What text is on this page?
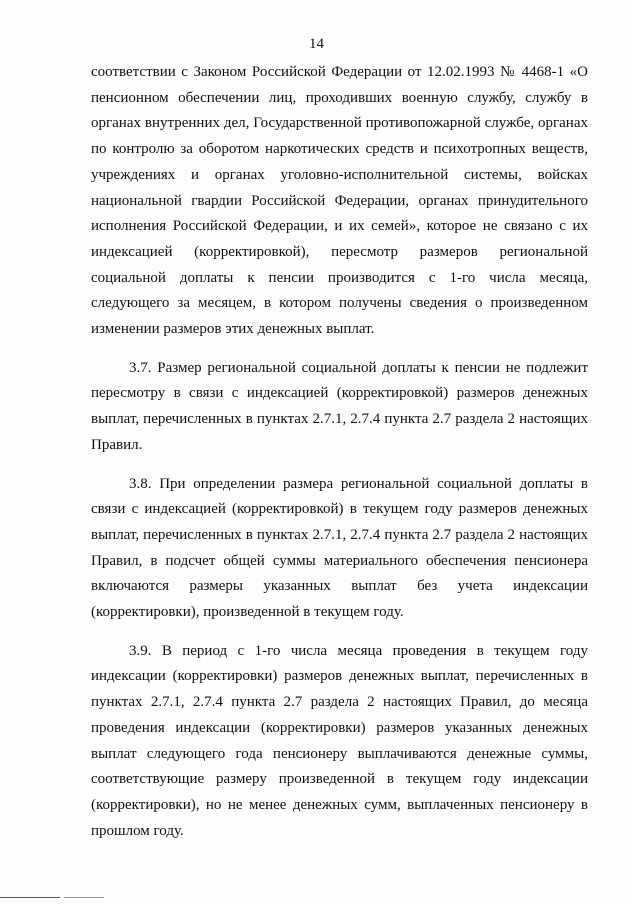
14

соответствии с Законом Российской Федерации от 12.02.1993 № 4468-1 «О пенсионном обеспечении лиц, проходивших военную службу, службу в органах внутренних дел, Государственной противопожарной службе, органах по контролю за оборотом наркотических средств и психотропных веществ, учреждениях и органах уголовно-исполнительной системы, войсках национальной гвардии Российской Федерации, органах принудительного исполнения Российской Федерации, и их семей», которое не связано с их индексацией (корректировкой), пересмотр размеров региональной социальной доплаты к пенсии производится с 1-го числа месяца, следующего за месяцем, в котором получены сведения о произведенном изменении размеров этих денежных выплат.

3.7. Размер региональной социальной доплаты к пенсии не подлежит пересмотру в связи с индексацией (корректировкой) размеров денежных выплат, перечисленных в пунктах 2.7.1, 2.7.4 пункта 2.7 раздела 2 настоящих Правил.

3.8. При определении размера региональной социальной доплаты в связи с индексацией (корректировкой) в текущем году размеров денежных выплат, перечисленных в пунктах 2.7.1, 2.7.4 пункта 2.7 раздела 2 настоящих Правил, в подсчет общей суммы материального обеспечения пенсионера включаются размеры указанных выплат без учета индексации (корректировки), произведенной в текущем году.

3.9. В период с 1-го числа месяца проведения в текущем году индексации (корректировки) размеров денежных выплат, перечисленных в пунктах 2.7.1, 2.7.4 пункта 2.7 раздела 2 настоящих Правил, до месяца проведения индексации (корректировки) размеров указанных денежных выплат следующего года пенсионеру выплачиваются денежные суммы, соответствующие размеру произведенной в текущем году индексации (корректировки), но не менее денежных сумм, выплаченных пенсионеру в прошлом году.
